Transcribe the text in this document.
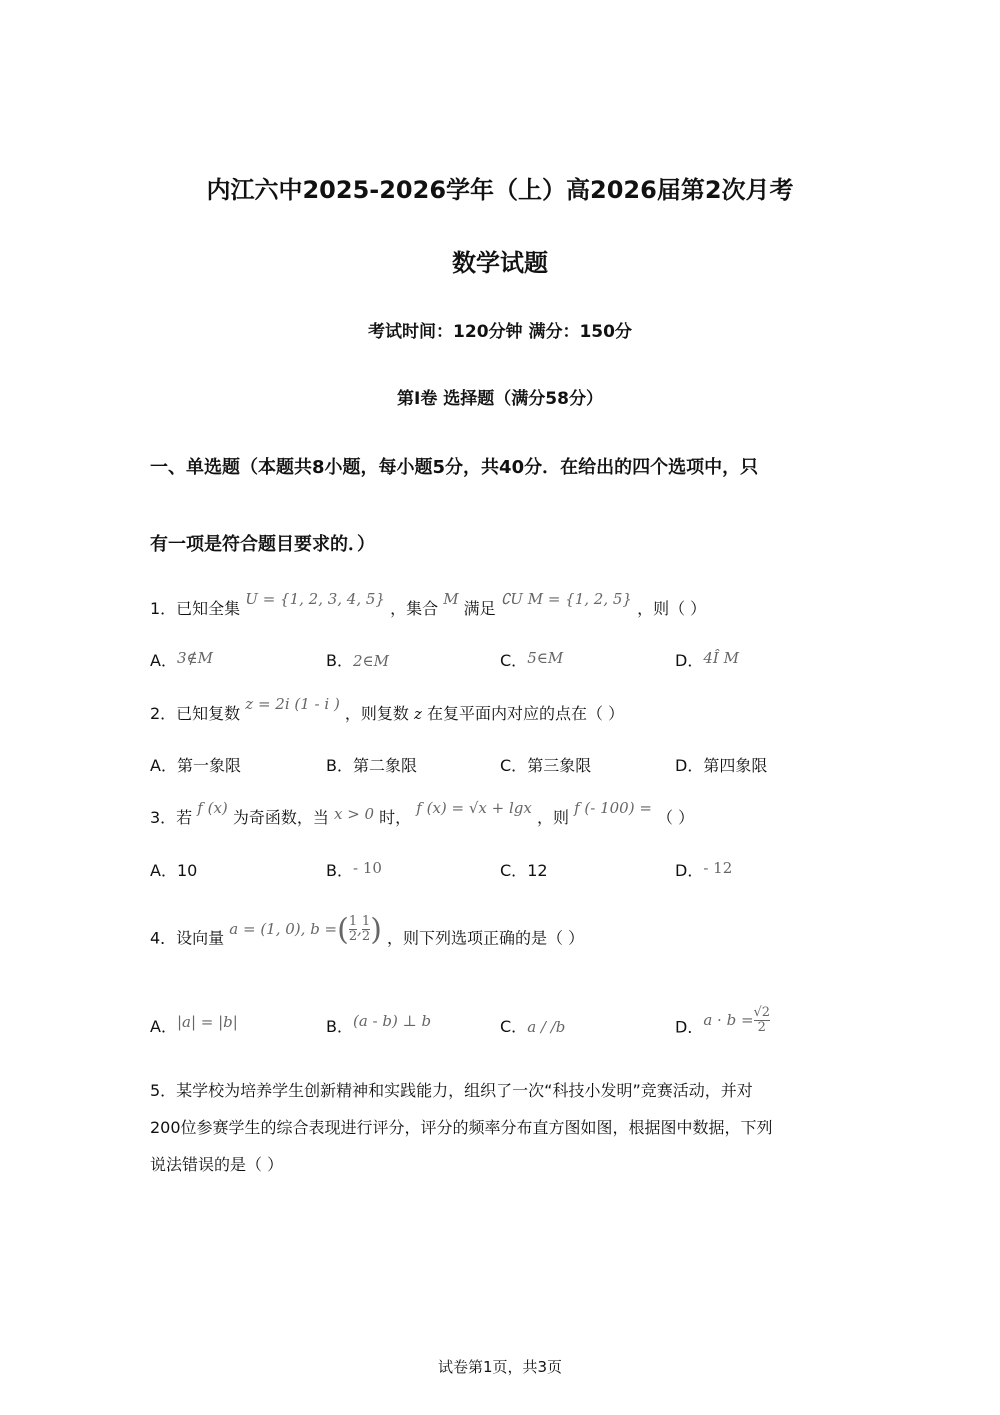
内江六中2025-2026学年（上）高2026届第2次月考
数学试题
考试时间：120分钟 满分：150分
第I卷 选择题（满分58分）
一、单选题（本题共8小题，每小题5分，共40分．在给出的四个选项中，只
有一项是符合题目要求的．）
1．已知全集 U = {1, 2, 3, 4, 5} ，集合 M 满足 ∁U M = {1, 2, 5} ，则（ ）
A．3∉M	B．2∈M	C．5∈M	D．4Î M
2．已知复数 z = 2i (1 - i ) ，则复数 z 在复平面内对应的点在（ ）
A．第一象限	B．第二象限	C．第三象限	D．第四象限
3．若 f (x) 为奇函数，当 x > 0 时， f (x) = √x + lgx ，则 f (- 100) = （ ）
A．10	B．- 10	C．12	D．- 12
4．设向量 a = (1, 0), b =( $\frac{1}{2}$ , $\frac{1}{2}$ ) ，则下列选项正确的是（ ）
A．|a| = |b|	B．(a - b) ⊥ b	C．a / /b	D．$a \cdot b = \frac{√2}{2}$
5．某学校为培养学生创新精神和实践能力，组织了一次“科技小发明”竞赛活动，并对
200位参赛学生的综合表现进行评分，评分的频率分布直方图如图，根据图中数据，下列
说法错误的是（ ）
试卷第1页，共3页
